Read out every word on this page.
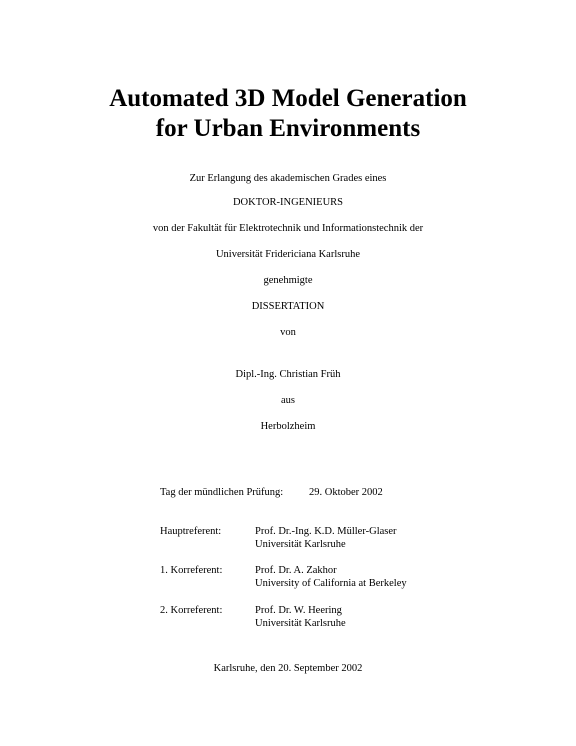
Automated 3D Model Generation
for Urban Environments
Zur Erlangung des akademischen Grades eines
DOKTOR-INGENIEURS
von der Fakultät für Elektrotechnik und Informationstechnik der
Universität Fridericiana Karlsruhe
genehmigte
DISSERTATION
von
Dipl.-Ing. Christian Früh
aus
Herbolzheim
Tag der mündlichen Prüfung: 29. Oktober 2002
Hauptreferent:	Prof. Dr.-Ing. K.D. Müller-Glaser
Universität Karlsruhe
1. Korreferent:	Prof. Dr. A. Zakhor
University of California at Berkeley
2. Korreferent:	Prof. Dr. W. Heering
Universität Karlsruhe
Karlsruhe, den 20. September 2002
